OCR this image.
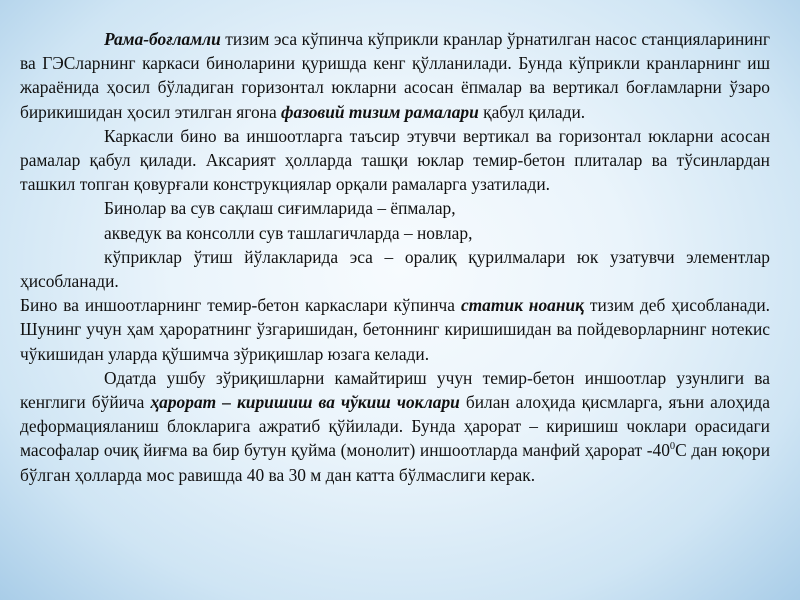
Рама-боғламли тизим эса кўпинча кўприкли кранлар ўрнатилган насос станцияларининг ва ГЭСларнинг каркаси биноларини қуришда кенг қўлланилади. Бунда кўприкли кранларнинг иш жараёнида ҳосил бўладиган горизонтал юкларни асосан ёпмалар ва вертикал боғламларни ўзаро бирикишидан ҳосил этилган ягона фазовий тизим рамалари қабул қилади.

Каркасли бино ва иншоотларга таъсир этувчи вертикал ва горизонтал юкларни асосан рамалар қабул қилади. Аксарият ҳолларда ташқи юклар темир-бетон плиталар ва тўсинлардан ташкил топган қовурғали конструкциялар орқали рамаларга узатилади.

Бинолар ва сув сақлаш сиғимларида – ёпмалар,

акведук ва консолли сув ташлагичларда – новлар,

кўприклар ўтиш йўлакларида эса – оралиқ қурилмалари юк узатувчи элементлар ҳисобланади.

Бино ва иншоотларнинг темир-бетон каркаслари кўпинча статик ноаниқ тизим деб ҳисобланади. Шунинг учун ҳам ҳароратнинг ўзгаришидан, бетоннинг киришишидан ва пойдеворларнинг нотекис чўкишидан уларда қўшимча зўриқишлар юзага келади.

Одатда ушбу зўриқишларни камайтириш учун темир-бетон иншоотлар узунлиги ва кенглиги бўйича ҳарорат – киришиш ва чўкиш чоклари билан алоҳида қисмларга, яъни алоҳида деформацияланиш блокларига ажратиб қўйилади. Бунда ҳарорат – киришиш чоклари орасидаги масофалар очиқ йиғма ва бир бутун қуйма (монолит) иншоотларда манфий ҳарорат $-40^0С$ дан юқори бўлган ҳолларда мос равишда 40 ва 30 м дан катта бўлмаслиги керак.
